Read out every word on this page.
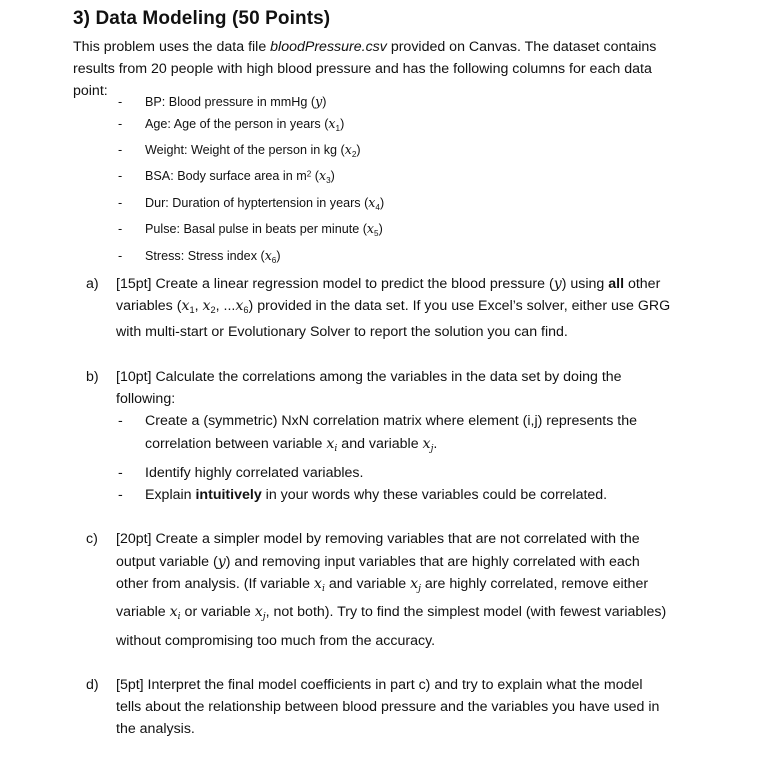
3) Data Modeling (50 Points)
This problem uses the data file bloodPressure.csv provided on Canvas. The dataset contains
results from 20 people with high blood pressure and has the following columns for each data
point:
- BP: Blood pressure in mmHg (y)
- Age: Age of the person in years $(x_1)$
- Weight: Weight of the person in kg $(x_2)$
- BSA: Body surface area in $m^2$ $(x_3)$
- Dur: Duration of hyptertension in years $(x_4)$
- Pulse: Basal pulse in beats per minute $(x_5)$
- Stress: Stress index $(x_6)$
a) [15pt] Create a linear regression model to predict the blood pressure (y) using all other
variables ($x_1$, $x_2$, $...x_6$) provided in the data set. If you use Excel’s solver, either use GRG
with multi-start or Evolutionary Solver to report the solution you can find.
b) [10pt] Calculate the correlations among the variables in the data set by doing the
following:
- Create a (symmetric) NxN correlation matrix where element (i,j) represents the
correlation between variable $x_i$ and variable $x_j$.
- Identify highly correlated variables.
- Explain intuitively in your words why these variables could be correlated.
c) [20pt] Create a simpler model by removing variables that are not correlated with the
output variable (y) and removing input variables that are highly correlated with each
other from analysis. (If variable $x_i$ and variable $x_j$ are highly correlated, remove either
variable $x_i$ or variable $x_j$, not both). Try to find the simplest model (with fewest variables)
without compromising too much from the accuracy.
d) [5pt] Interpret the final model coefficients in part c) and try to explain what the model
tells about the relationship between blood pressure and the variables you have used in
the analysis.
